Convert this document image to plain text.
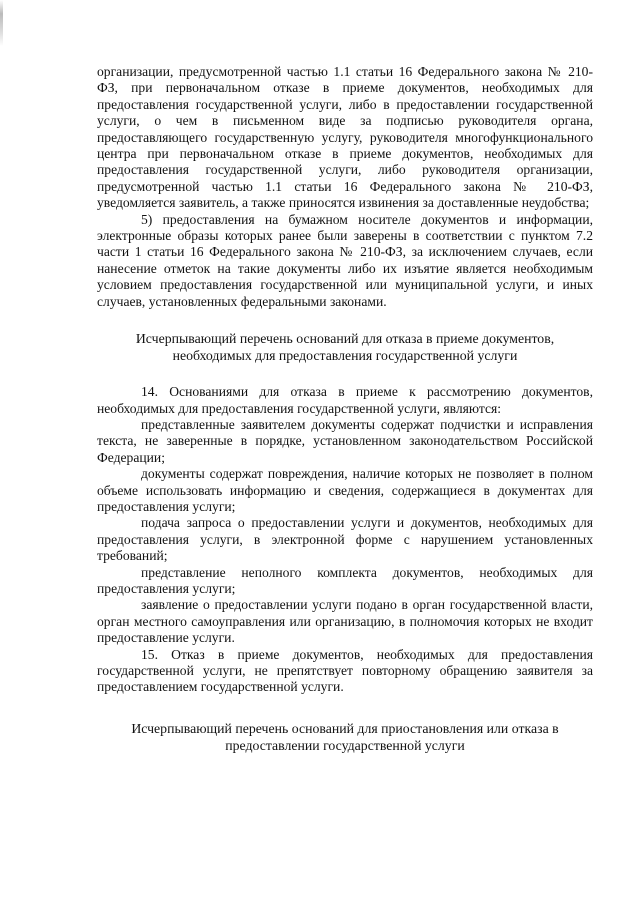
организации, предусмотренной частью 1.1 статьи 16 Федерального закона № 210-ФЗ, при первоначальном отказе в приеме документов, необходимых для предоставления государственной услуги, либо в предоставлении государственной услуги, о чем в письменном виде за подписью руководителя органа, предоставляющего государственную услугу, руководителя многофункционального центра при первоначальном отказе в приеме документов, необходимых для предоставления государственной услуги, либо руководителя организации, предусмотренной частью 1.1 статьи 16 Федерального закона № 210-ФЗ, уведомляется заявитель, а также приносятся извинения за доставленные неудобства;

5) предоставления на бумажном носителе документов и информации, электронные образы которых ранее были заверены в соответствии с пунктом 7.2 части 1 статьи 16 Федерального закона № 210-ФЗ, за исключением случаев, если нанесение отметок на такие документы либо их изъятие является необходимым условием предоставления государственной или муниципальной услуги, и иных случаев, установленных федеральными законами.

Исчерпывающий перечень оснований для отказа в приеме документов, необходимых для предоставления государственной услуги

14. Основаниями для отказа в приеме к рассмотрению документов, необходимых для предоставления государственной услуги, являются:

представленные заявителем документы содержат подчистки и исправления текста, не заверенные в порядке, установленном законодательством Российской Федерации;

документы содержат повреждения, наличие которых не позволяет в полном объеме использовать информацию и сведения, содержащиеся в документах для предоставления услуги;

подача запроса о предоставлении услуги и документов, необходимых для предоставления услуги, в электронной форме с нарушением установленных требований;

представление неполного комплекта документов, необходимых для предоставления услуги;

заявление о предоставлении услуги подано в орган государственной власти, орган местного самоуправления или организацию, в полномочия которых не входит предоставление услуги.

15. Отказ в приеме документов, необходимых для предоставления государственной услуги, не препятствует повторному обращению заявителя за предоставлением государственной услуги.

Исчерпывающий перечень оснований для приостановления или отказа в предоставлении государственной услуги
